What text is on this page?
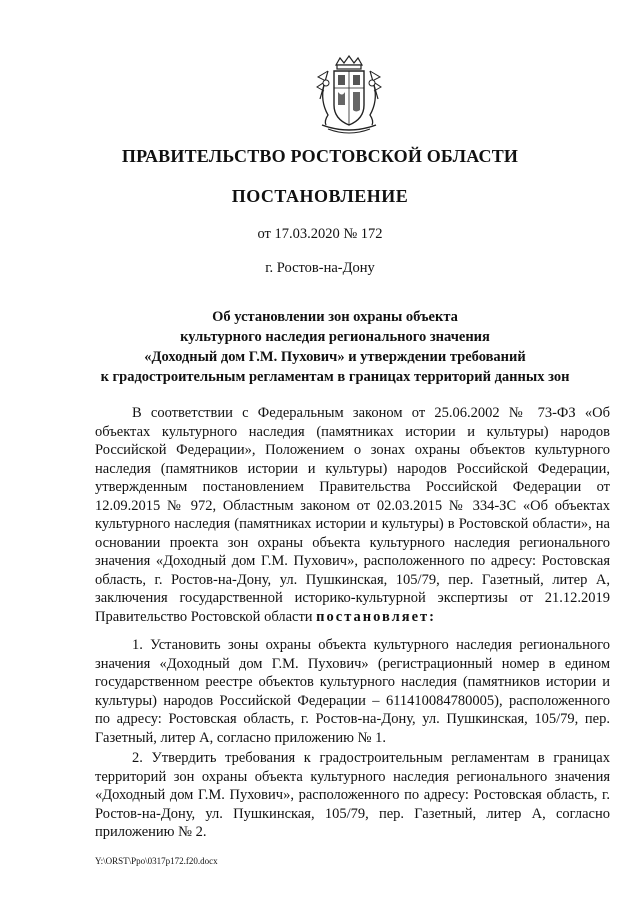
ПРАВИТЕЛЬСТВО РОСТОВСКОЙ ОБЛАСТИ
ПОСТАНОВЛЕНИЕ
от 17.03.2020 № 172
г. Ростов-на-Дону
Об установлении зон охраны объекта
культурного наследия регионального значения
«Доходный дом Г.М. Пухович» и утверждении требований
к градостроительным регламентам в границах территорий данных зон

В соответствии с Федеральным законом от 25.06.2002 № 73-ФЗ «Об объектах культурного наследия (памятниках истории и культуры) народов Российской Федерации», Положением о зонах охраны объектов культурного наследия (памятников истории и культуры) народов Российской Федерации, утвержденным постановлением Правительства Российской Федерации от 12.09.2015 № 972, Областным законом от 02.03.2015 № 334-ЗС «Об объектах культурного наследия (памятниках истории и культуры) в Ростовской области», на основании проекта зон охраны объекта культурного наследия регионального значения «Доходный дом Г.М. Пухович», расположенного по адресу: Ростовская область, г. Ростов-на-Дону, ул. Пушкинская, 105/79, пер. Газетный, литер А, заключения государственной историко-культурной экспертизы от 21.12.2019 Правительство Ростовской области постановляет:

1. Установить зоны охраны объекта культурного наследия регионального значения «Доходный дом Г.М. Пухович» (регистрационный номер в едином государственном реестре объектов культурного наследия (памятников истории и культуры) народов Российской Федерации – 611410084780005), расположенного по адресу: Ростовская область, г. Ростов-на-Дону, ул. Пушкинская, 105/79, пер. Газетный, литер А, согласно приложению № 1.

2. Утвердить требования к градостроительным регламентам в границах территорий зон охраны объекта культурного наследия регионального значения «Доходный дом Г.М. Пухович», расположенного по адресу: Ростовская область, г. Ростов-на-Дону, ул. Пушкинская, 105/79, пер. Газетный, литер А, согласно приложению № 2.

Y:\ORST\Ppo\0317p172.f20.docx
